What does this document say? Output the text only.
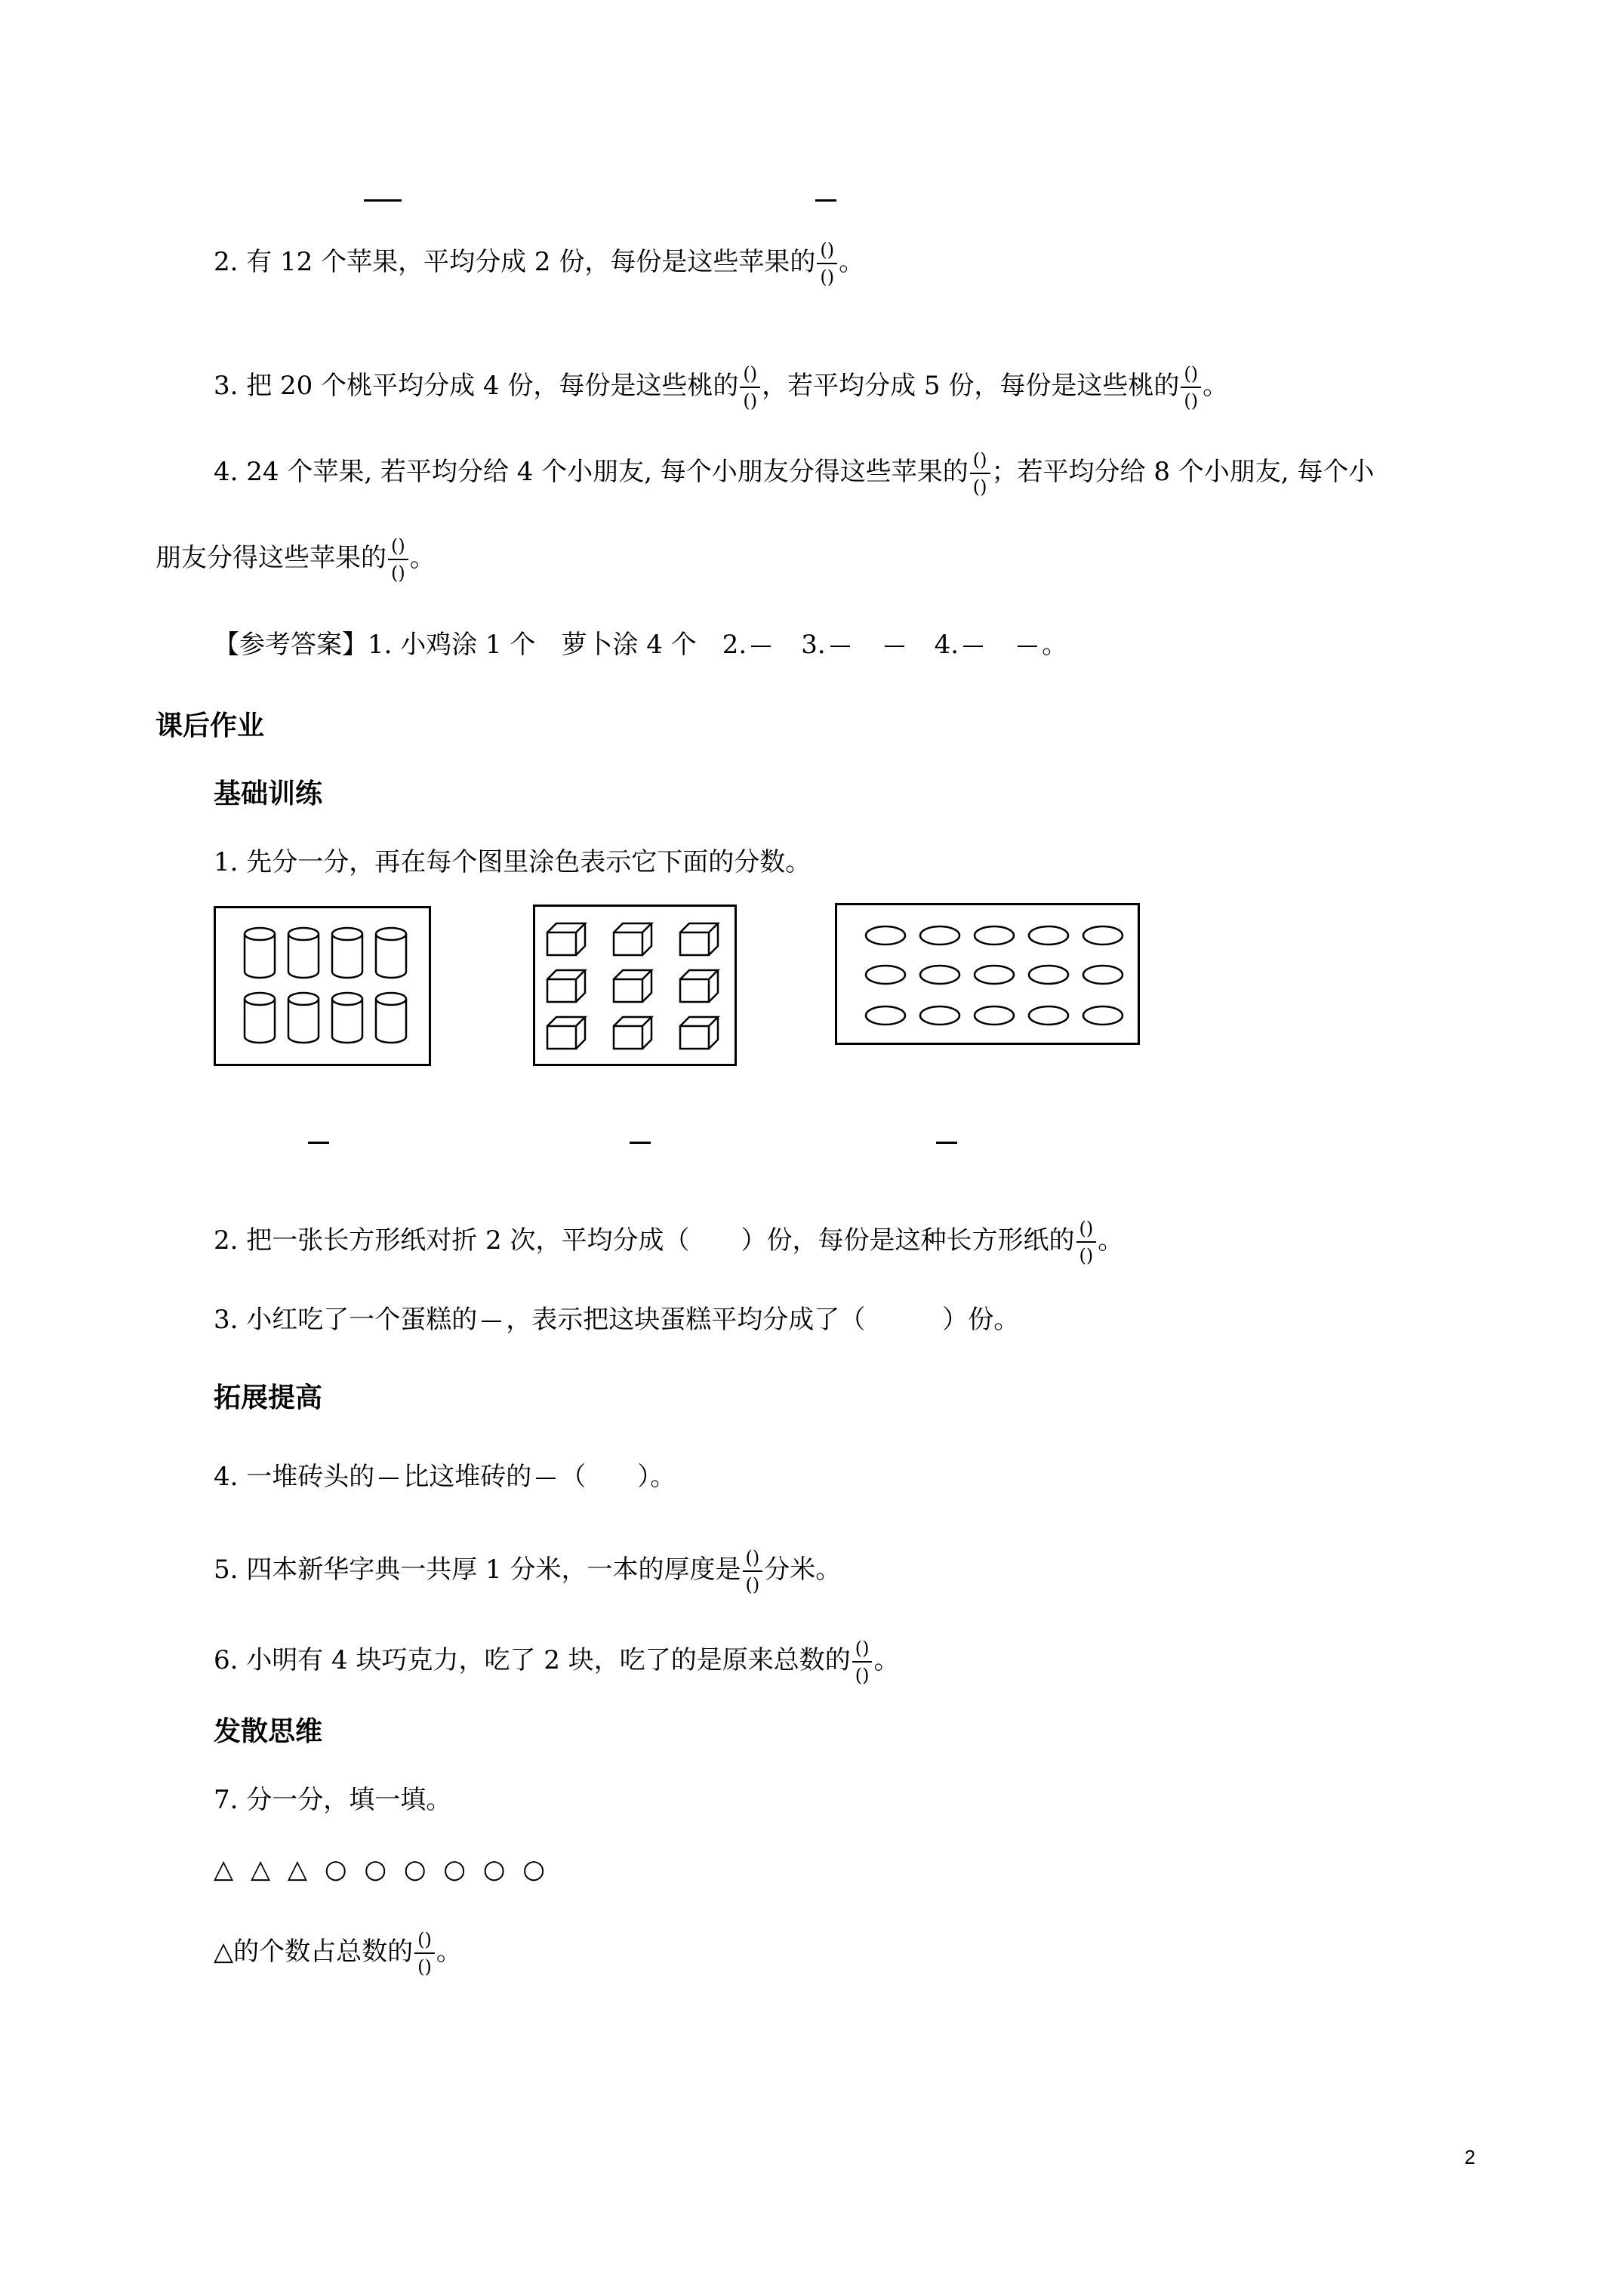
2. 有 12 个苹果，平均分成 2 份，每份是这些苹果的 $\frac{()}{()}$ 。
3. 把 20 个桃平均分成 4 份，每份是这些桃的 $\frac{()}{()}$ ，若平均分成 5 份，每份是这些桃的 $\frac{()}{()}$ 。
4. 24 个苹果, 若平均分给 4 个小朋友, 每个小朋友分得这些苹果的 $\frac{()}{()}$ ；若平均分给 8 个小朋友, 每个小
朋友分得这些苹果的 $\frac{()}{()}$ 。
【参考答案】1. 小鸡涂 1 个　萝卜涂 4 个　2.　 3.　　	4.　	。
课后作业
基础训练
1. 先分一分，再在每个图里涂色表示它下面的分数。
2. 把一张长方形纸对折 2 次，平均分成（　　）份，每份是这种长方形纸的 $\frac{()}{()}$ 。
3. 小红吃了一个蛋糕的 ，表示把这块蛋糕平均分成了（　　　）份。
拓展提高
4. 一堆砖头的 比这堆砖的 （　　）。
5. 四本新华字典一共厚 1 分米，一本的厚度是 $\frac{()}{()}$ 分米。
6. 小明有 4 块巧克力，吃了 2 块，吃了的是原来总数的 $\frac{()}{()}$ 。
发散思维
7. 分一分，填一填。
△ △ △ ○ ○ ○ ○ ○ ○
△的个数占总数的 $\frac{()}{()}$ 。
2
